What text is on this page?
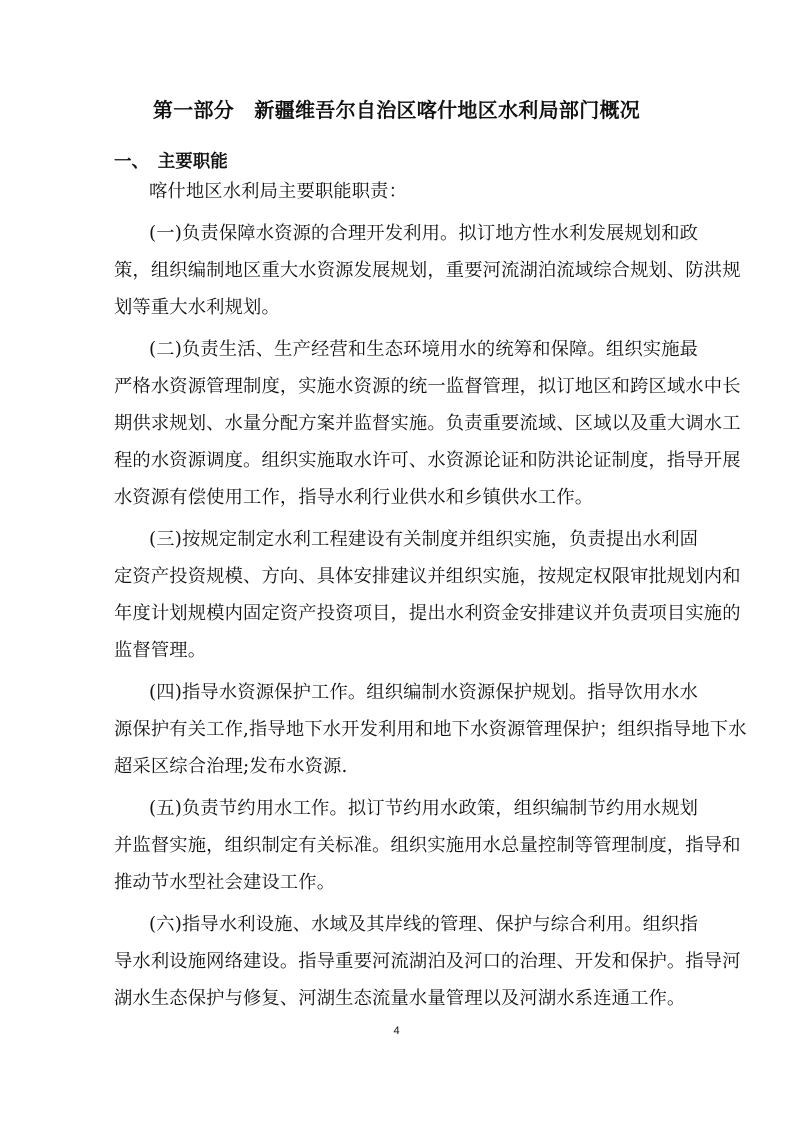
第一部分　新疆维吾尔自治区喀什地区水利局部门概况
一、　主要职能
喀什地区水利局主要职能职责：
(一)负责保障水资源的合理开发利用。拟订地方性水利发展规划和政
策，组织编制地区重大水资源发展规划，重要河流湖泊流域综合规划、防洪规
划等重大水利规划。
(二)负责生活、生产经营和生态环境用水的统筹和保障。组织实施最
严格水资源管理制度，实施水资源的统一监督管理，拟订地区和跨区域水中长
期供求规划、水量分配方案并监督实施。负责重要流域、区域以及重大调水工
程的水资源调度。组织实施取水许可、水资源论证和防洪论证制度，指导开展
水资源有偿使用工作，指导水利行业供水和乡镇供水工作。
(三)按规定制定水利工程建设有关制度并组织实施，负责提出水利固
定资产投资规模、方向、具体安排建议并组织实施，按规定权限审批规划内和
年度计划规模内固定资产投资项目，提出水利资金安排建议并负责项目实施的
监督管理。
(四)指导水资源保护工作。组织编制水资源保护规划。指导饮用水水
源保护有关工作,指导地下水开发利用和地下水资源管理保护；组织指导地下水
超采区综合治理;发布水资源.
(五)负责节约用水工作。拟订节约用水政策，组织编制节约用水规划
并监督实施，组织制定有关标准。组织实施用水总量控制等管理制度，指导和
推动节水型社会建设工作。
(六)指导水利设施、水域及其岸线的管理、保护与综合利用。组织指
导水利设施网络建设。指导重要河流湖泊及河口的治理、开发和保护。指导河
湖水生态保护与修复、河湖生态流量水量管理以及河湖水系连通工作。
4
